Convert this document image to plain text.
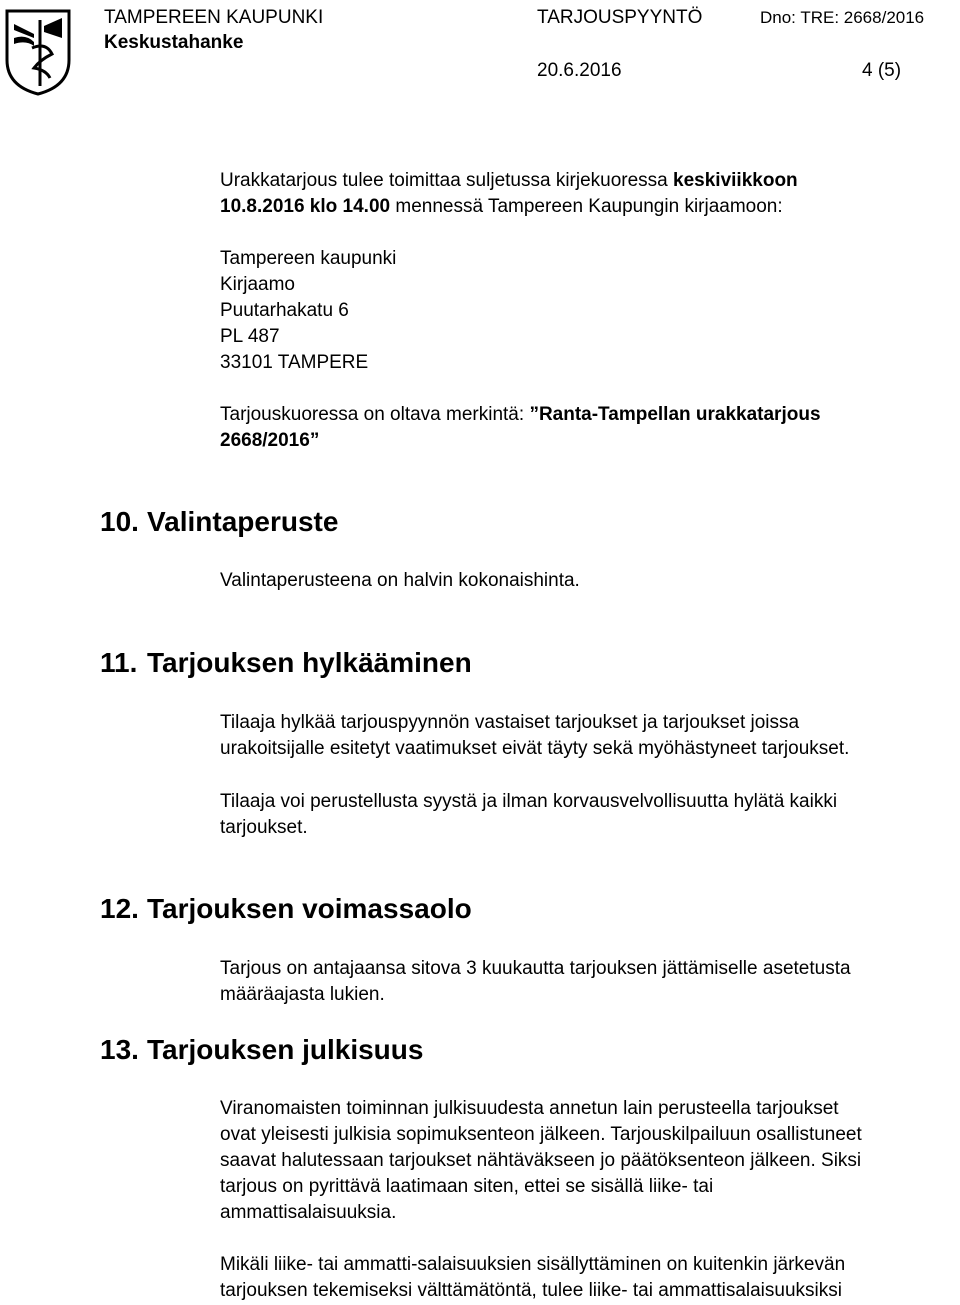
TAMPEREEN KAUPUNKI
Keskustahanke
TARJOUSPYYNTÖ	Dno: TRE: 2668/2016
20.6.2016	4 (5)

Urakkatarjous tulee toimittaa suljetussa kirjekuoressa keskiviikkoon

10.8.2016 klo 14.00 mennessä Tampereen Kaupungin kirjaamoon:

Tampereen kaupunki

Kirjaamo

Puutarhakatu 6

PL 487

33101 TAMPERE

Tarjouskuoressa on oltava merkintä: ”Ranta-Tampellan urakkatarjous

2668/2016”

10. Valintaperuste

Valintaperusteena on halvin kokonaishinta.

11. Tarjouksen hylkääminen

Tilaaja hylkää tarjouspyynnön vastaiset tarjoukset ja tarjoukset joissa

urakoitsijalle esitetyt vaatimukset eivät täyty sekä myöhästyneet tarjoukset.

Tilaaja voi perustellusta syystä ja ilman korvausvelvollisuutta hylätä kaikki

tarjoukset.

12. Tarjouksen voimassaolo

Tarjous on antajaansa sitova 3 kuukautta tarjouksen jättämiselle asetetusta

määräajasta lukien.

13. Tarjouksen julkisuus

Viranomaisten toiminnan julkisuudesta annetun lain perusteella tarjoukset

ovat yleisesti julkisia sopimuksenteon jälkeen. Tarjouskilpailuun osallistuneet

saavat halutessaan tarjoukset nähtäväkseen jo päätöksenteon jälkeen. Siksi

tarjous on pyrittävä laatimaan siten, ettei se sisällä liike- tai

ammattisalaisuuksia.

Mikäli liike- tai ammatti-salaisuuksien sisällyttäminen on kuitenkin järkevän

tarjouksen tekemiseksi välttämätöntä, tulee liike- tai ammattisalaisuuksiksi
